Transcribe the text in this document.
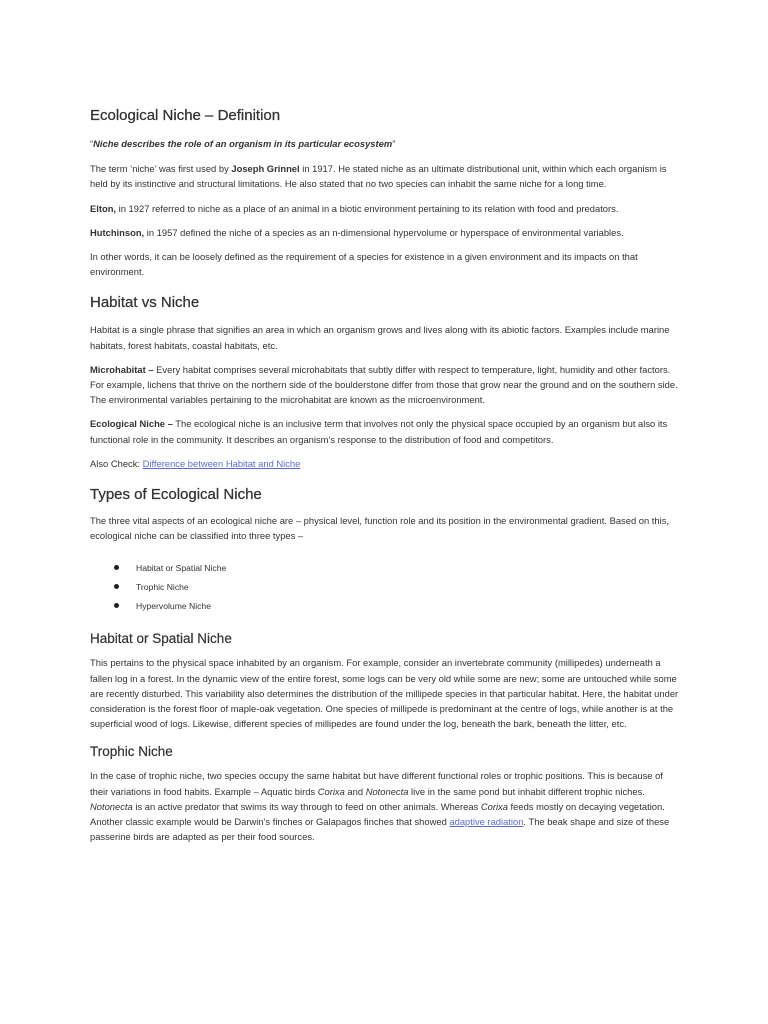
Ecological Niche – Definition

“Niche describes the role of an organism in its particular ecosystem”

The term ‘niche’ was first used by Joseph Grinnel in 1917. He stated niche as an ultimate distributional unit, within which each organism is held by its instinctive and structural limitations. He also stated that no two species can inhabit the same niche for a long time.

Elton, in 1927 referred to niche as a place of an animal in a biotic environment pertaining to its relation with food and predators.

Hutchinson, in 1957 defined the niche of a species as an n-dimensional hypervolume or hyperspace of environmental variables.

In other words, it can be loosely defined as the requirement of a species for existence in a given environment and its impacts on that environment.

Habitat vs Niche

Habitat is a single phrase that signifies an area in which an organism grows and lives along with its abiotic factors. Examples include marine habitats, forest habitats, coastal habitats, etc.

Microhabitat – Every habitat comprises several microhabitats that subtly differ with respect to temperature, light, humidity and other factors. For example, lichens that thrive on the northern side of the boulderstone differ from those that grow near the ground and on the southern side. The environmental variables pertaining to the microhabitat are known as the microenvironment.

Ecological Niche – The ecological niche is an inclusive term that involves not only the physical space occupied by an organism but also its functional role in the community. It describes an organism’s response to the distribution of food and competitors.

Also Check: Difference between Habitat and Niche

Types of Ecological Niche

The three vital aspects of an ecological niche are – physical level, function role and its position in the environmental gradient. Based on this, ecological niche can be classified into three types –

Habitat or Spatial Niche
Trophic Niche
Hypervolume Niche
Habitat or Spatial Niche

This pertains to the physical space inhabited by an organism. For example, consider an invertebrate community (millipedes) underneath a fallen log in a forest. In the dynamic view of the entire forest, some logs can be very old while some are new; some are untouched while some are recently disturbed. This variability also determines the distribution of the millipede species in that particular habitat. Here, the habitat under consideration is the forest floor of maple-oak vegetation. One species of millipede is predominant at the centre of logs, while another is at the superficial wood of logs. Likewise, different species of millipedes are found under the log, beneath the bark, beneath the litter, etc.

Trophic Niche

In the case of trophic niche, two species occupy the same habitat but have different functional roles or trophic positions. This is because of their variations in food habits. Example – Aquatic birds Corixa and Notonecta live in the same pond but inhabit different trophic niches. Notonecta is an active predator that swims its way through to feed on other animals. Whereas Corixa feeds mostly on decaying vegetation. Another classic example would be Darwin’s finches or Galapagos finches that showed adaptive radiation. The beak shape and size of these passerine birds are adapted as per their food sources.
